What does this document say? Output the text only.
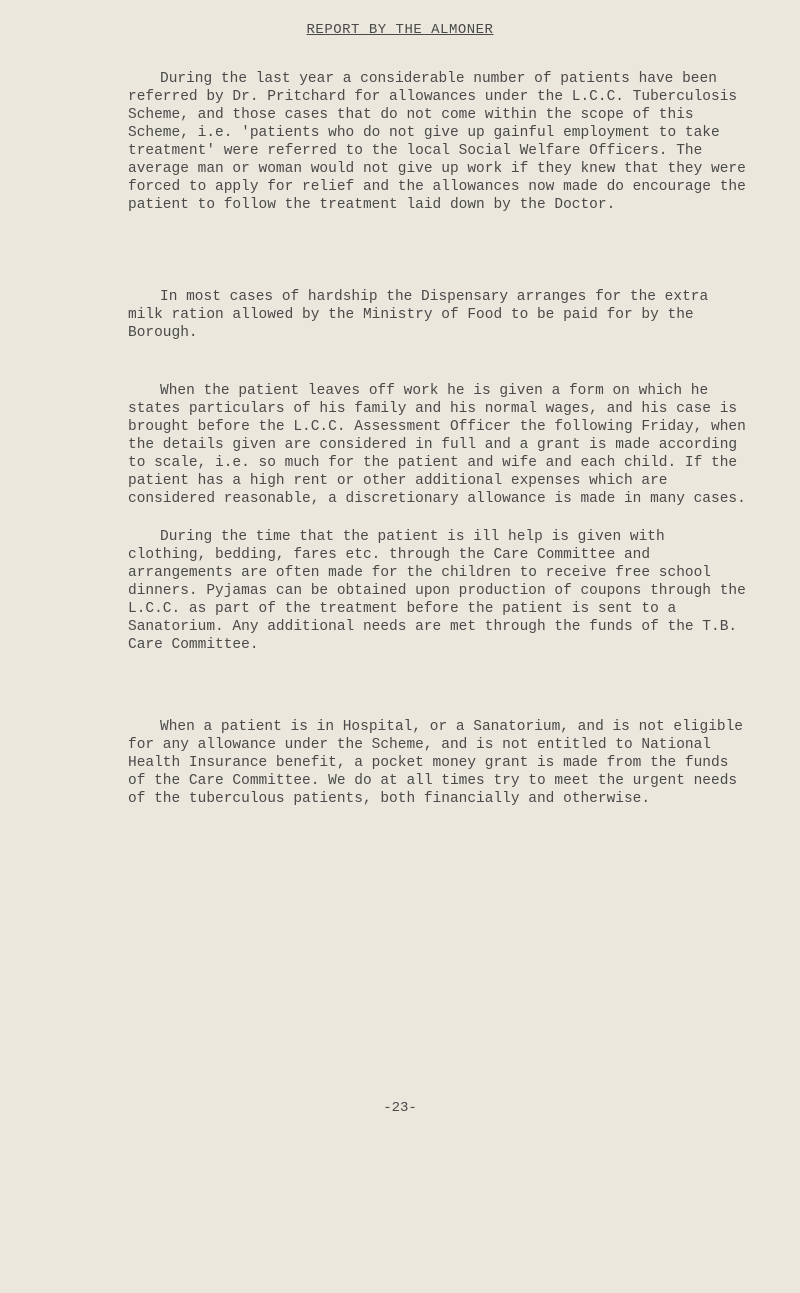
REPORT BY THE ALMONER

During the last year a considerable number of patients have been referred by Dr. Pritchard for allowances under the L.C.C. Tuberculosis Scheme, and those cases that do not come within the scope of this Scheme, i.e. 'patients who do not give up gainful employment to take treatment' were referred to the local Social Welfare Officers. The average man or woman would not give up work if they knew that they were forced to apply for relief and the allowances now made do encourage the patient to follow the treatment laid down by the Doctor.

In most cases of hardship the Dispensary arranges for the extra milk ration allowed by the Ministry of Food to be paid for by the Borough.

When the patient leaves off work he is given a form on which he states particulars of his family and his normal wages, and his case is brought before the L.C.C. Assessment Officer the following Friday, when the details given are considered in full and a grant is made according to scale, i.e. so much for the patient and wife and each child. If the patient has a high rent or other additional expenses which are considered reasonable, a discretionary allowance is made in many cases.

During the time that the patient is ill help is given with clothing, bedding, fares etc. through the Care Committee and arrangements are often made for the children to receive free school dinners. Pyjamas can be obtained upon production of coupons through the L.C.C. as part of the treatment before the patient is sent to a Sanatorium. Any additional needs are met through the funds of the T.B. Care Committee.

When a patient is in Hospital, or a Sanatorium, and is not eligible for any allowance under the Scheme, and is not entitled to National Health Insurance benefit, a pocket money grant is made from the funds of the Care Committee. We do at all times try to meet the urgent needs of the tuberculous patients, both financially and otherwise.

-23-
